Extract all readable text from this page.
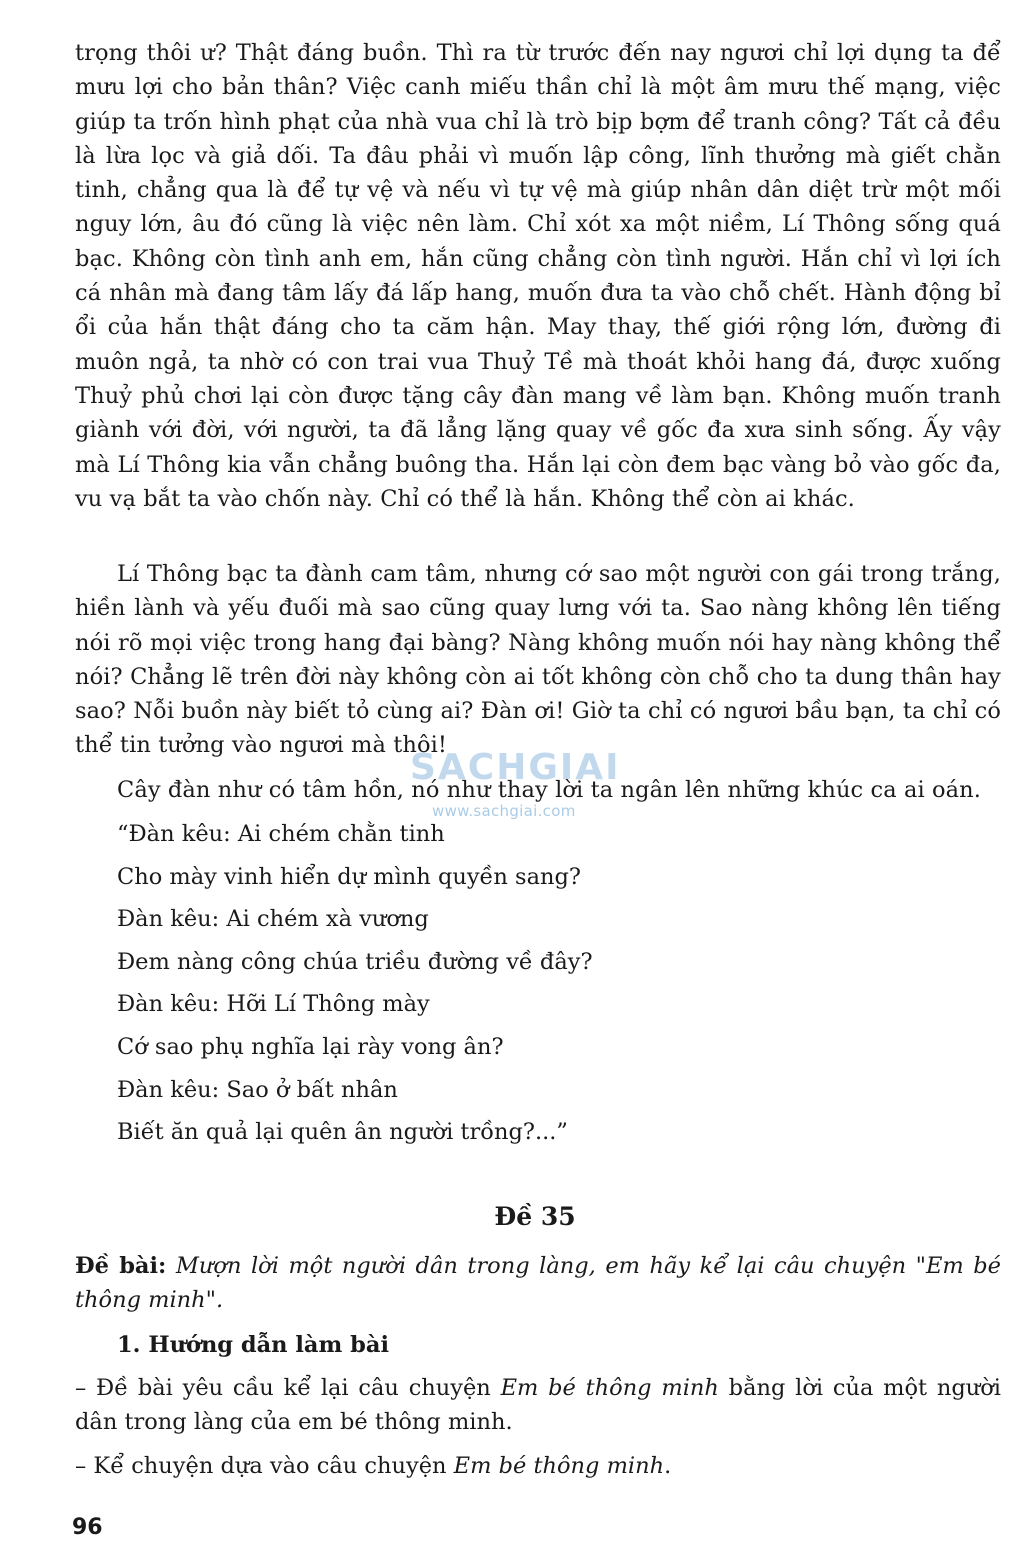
trọng thôi ư? Thật đáng buồn. Thì ra từ trước đến nay ngươi chỉ lợi dụng ta để mưu lợi cho bản thân? Việc canh miếu thần chỉ là một âm mưu thế mạng, việc giúp ta trốn hình phạt của nhà vua chỉ là trò bịp bợm để tranh công? Tất cả đều là lừa lọc và giả dối. Ta đâu phải vì muốn lập công, lĩnh thưởng mà giết chằn tinh, chẳng qua là để tự vệ và nếu vì tự vệ mà giúp nhân dân diệt trừ một mối nguy lớn, âu đó cũng là việc nên làm. Chỉ xót xa một niềm, Lí Thông sống quá bạc. Không còn tình anh em, hắn cũng chẳng còn tình người. Hắn chỉ vì lợi ích cá nhân mà đang tâm lấy đá lấp hang, muốn đưa ta vào chỗ chết. Hành động bỉ ổi của hắn thật đáng cho ta căm hận. May thay, thế giới rộng lớn, đường đi muôn ngả, ta nhờ có con trai vua Thuỷ Tề mà thoát khỏi hang đá, được xuống Thuỷ phủ chơi lại còn được tặng cây đàn mang về làm bạn. Không muốn tranh giành với đời, với người, ta đã lẳng lặng quay về gốc đa xưa sinh sống. Ấy vậy mà Lí Thông kia vẫn chẳng buông tha. Hắn lại còn đem bạc vàng bỏ vào gốc đa, vu vạ bắt ta vào chốn này. Chỉ có thể là hắn. Không thể còn ai khác.

Lí Thông bạc ta đành cam tâm, nhưng cớ sao một người con gái trong trắng, hiền lành và yếu đuối mà sao cũng quay lưng với ta. Sao nàng không lên tiếng nói rõ mọi việc trong hang đại bàng? Nàng không muốn nói hay nàng không thể nói? Chẳng lẽ trên đời này không còn ai tốt không còn chỗ cho ta dung thân hay sao? Nỗi buồn này biết tỏ cùng ai? Đàn ơi! Giờ ta chỉ có ngươi bầu bạn, ta chỉ có thể tin tưởng vào ngươi mà thôi!

Cây đàn như có tâm hồn, nó như thay lời ta ngân lên những khúc ca ai oán.

“Đàn kêu: Ai chém chằn tinh
Cho mày vinh hiển dự mình quyền sang?
Đàn kêu: Ai chém xà vương
Đem nàng công chúa triều đường về đây?
Đàn kêu: Hỡi Lí Thông mày
Cớ sao phụ nghĩa lại rày vong ân?
Đàn kêu: Sao ở bất nhân
Biết ăn quả lại quên ân người trồng?...”
Đề 35
Đề bài: Mượn lời một người dân trong làng, em hãy kể lại câu chuyện "Em bé thông minh".
1. Hướng dẫn làm bài
– Đề bài yêu cầu kể lại câu chuyện Em bé thông minh bằng lời của một người dân trong làng của em bé thông minh.
– Kể chuyện dựa vào câu chuyện Em bé thông minh.
96
SACHGIAI
www.sachgiai.com
